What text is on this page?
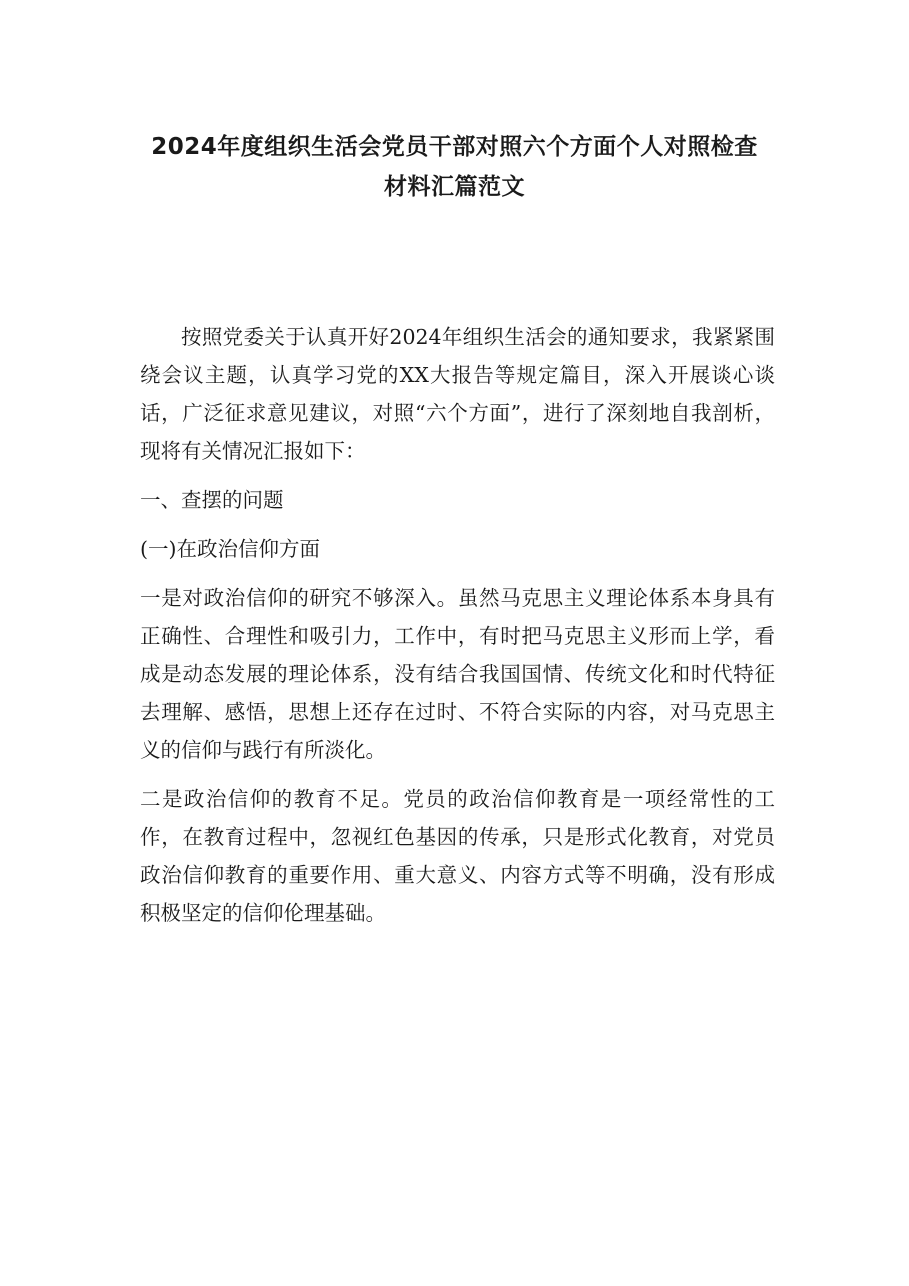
2024年度组织生活会党员干部对照六个方面个人对照检查
材料汇篇范文

按照党委关于认真开好2024年组织生活会的通知要求，我紧紧围绕会议主题，认真学习党的XX大报告等规定篇目，深入开展谈心谈话，广泛征求意见建议，对照“六个方面”，进行了深刻地自我剖析，现将有关情况汇报如下：

一、查摆的问题

(一)在政治信仰方面

一是对政治信仰的研究不够深入。虽然马克思主义理论体系本身具有正确性、合理性和吸引力，工作中，有时把马克思主义形而上学，看成是动态发展的理论体系，没有结合我国国情、传统文化和时代特征去理解、感悟，思想上还存在过时、不符合实际的内容，对马克思主义的信仰与践行有所淡化。

二是政治信仰的教育不足。党员的政治信仰教育是一项经常性的工作，在教育过程中，忽视红色基因的传承，只是形式化教育，对党员政治信仰教育的重要作用、重大意义、内容方式等不明确，没有形成积极坚定的信仰伦理基础。
